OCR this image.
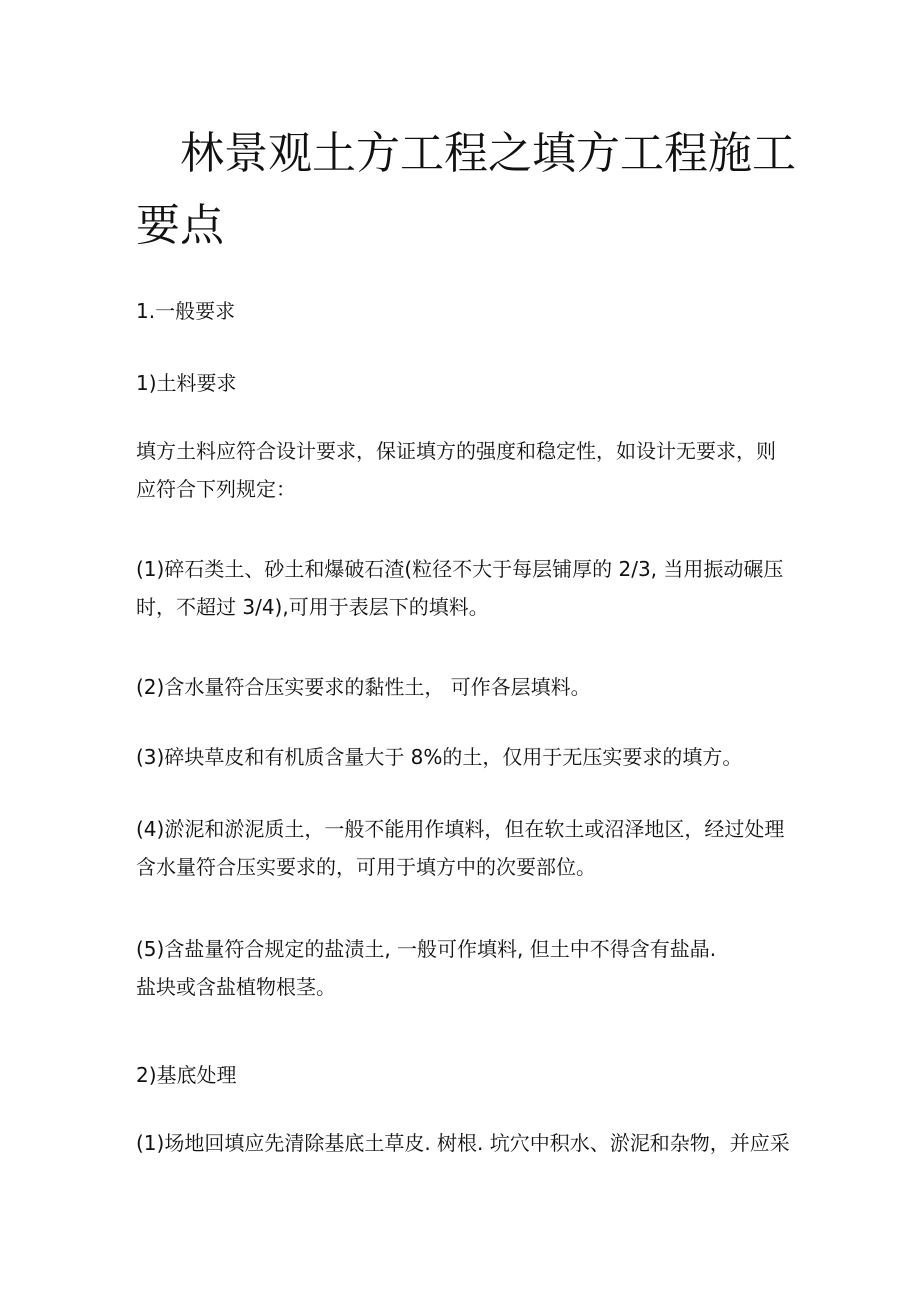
林景观土方工程之填方工程施工
要点

1.一般要求

1)土料要求

填方土料应符合设计要求，保证填方的强度和稳定性，如设计无要求，则
应符合下列规定：

(1)碎石类土、砂土和爆破石渣(粒径不大于每层铺厚的 2/3, 当用振动碾压
时，不超过 3/4),可用于表层下的填料。

(2)含水量符合压实要求的黏性土， 可作各层填料。

(3)碎块草皮和有机质含量大于 8%的土，仅用于无压实要求的填方。

(4)淤泥和淤泥质土，一般不能用作填料，但在软土或沼泽地区，经过处理
含水量符合压实要求的，可用于填方中的次要部位。

(5)含盐量符合规定的盐渍土, 一般可作填料, 但土中不得含有盐晶.
盐块或含盐植物根茎。

2)基底处理

(1)场地回填应先清除基底土草皮. 树根. 坑穴中积水、淤泥和杂物，并应采
